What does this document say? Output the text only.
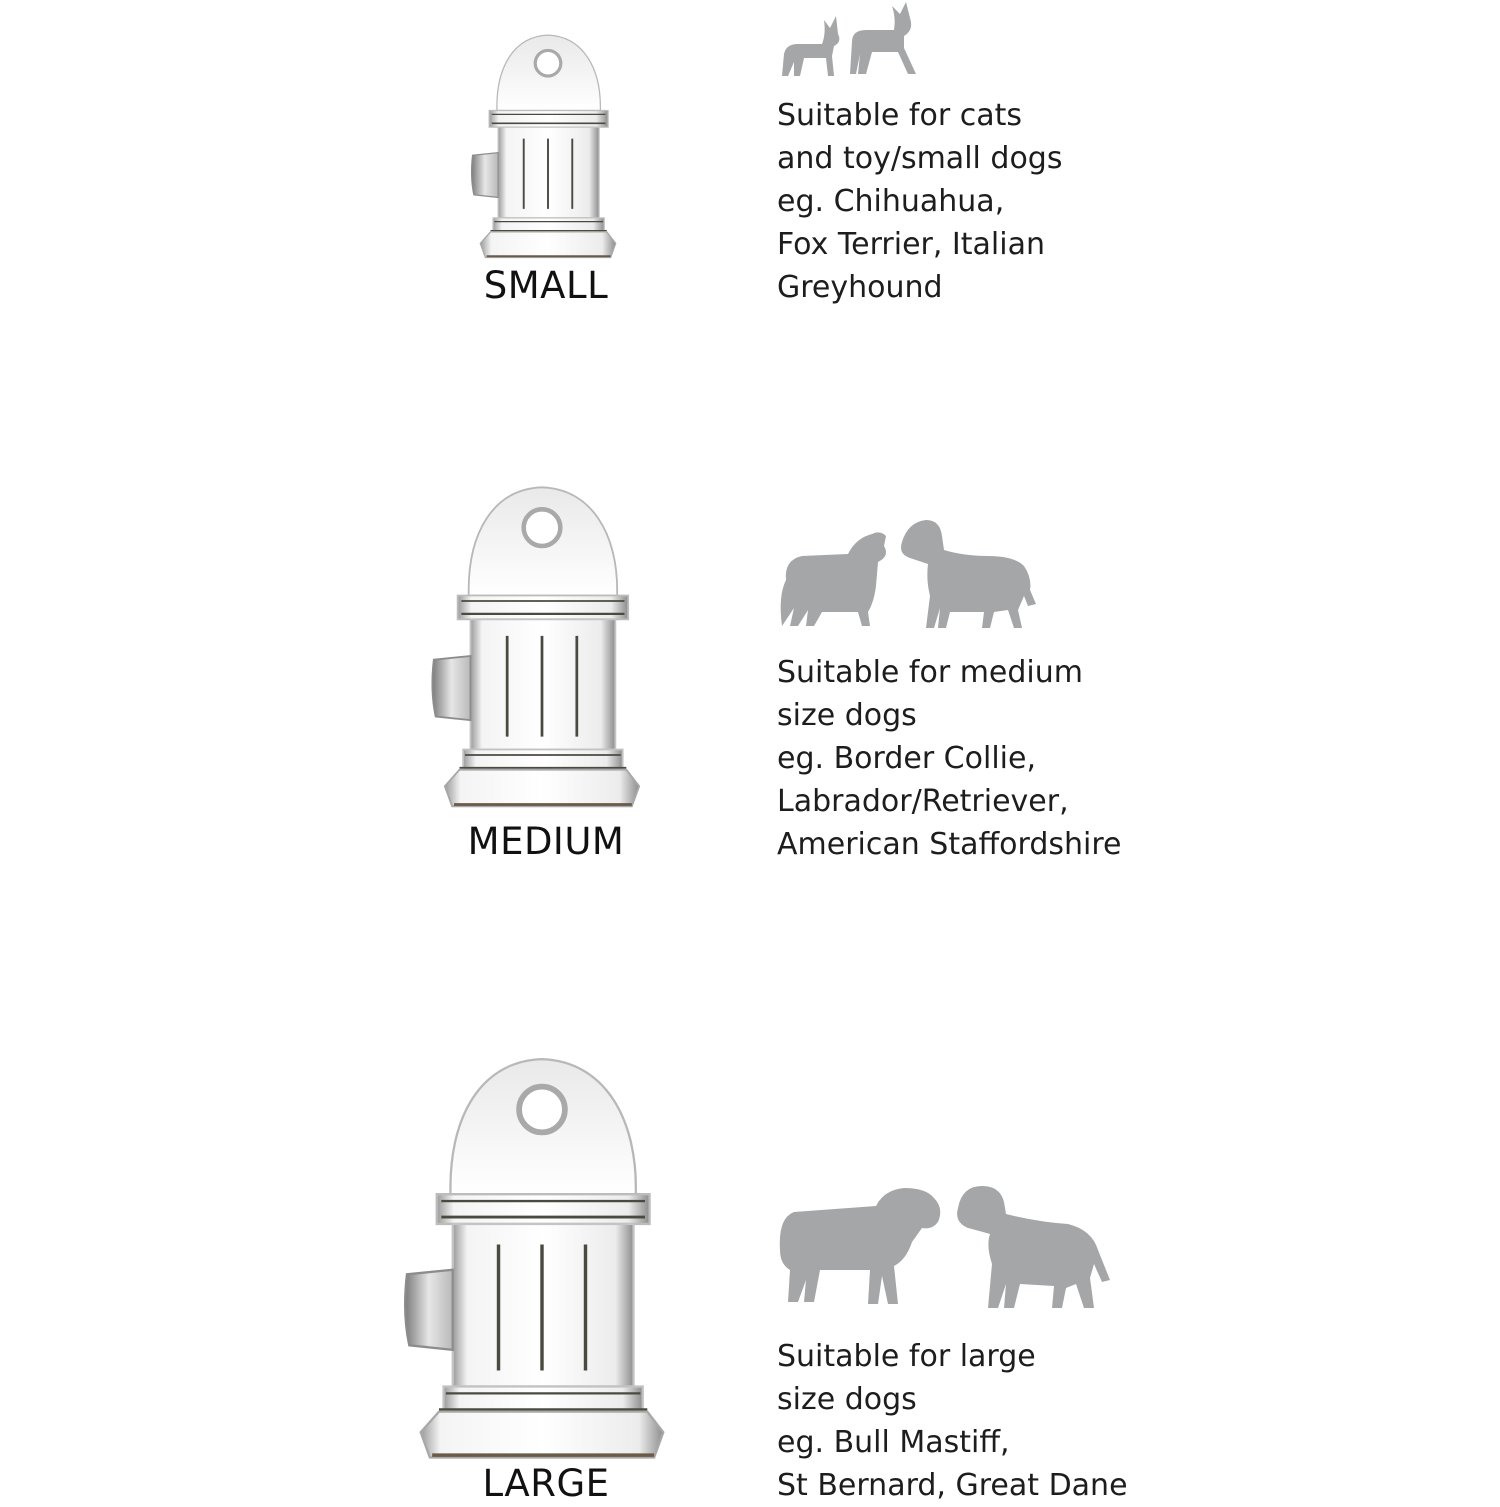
SMALL
Suitable for cats
and toy/small dogs
eg. Chihuahua,
Fox Terrier, Italian
Greyhound
MEDIUM
Suitable for medium
size dogs
eg. Border Collie,
Labrador/Retriever,
American Staffordshire
LARGE
Suitable for large
size dogs
eg. Bull Mastiff,
St Bernard, Great Dane
